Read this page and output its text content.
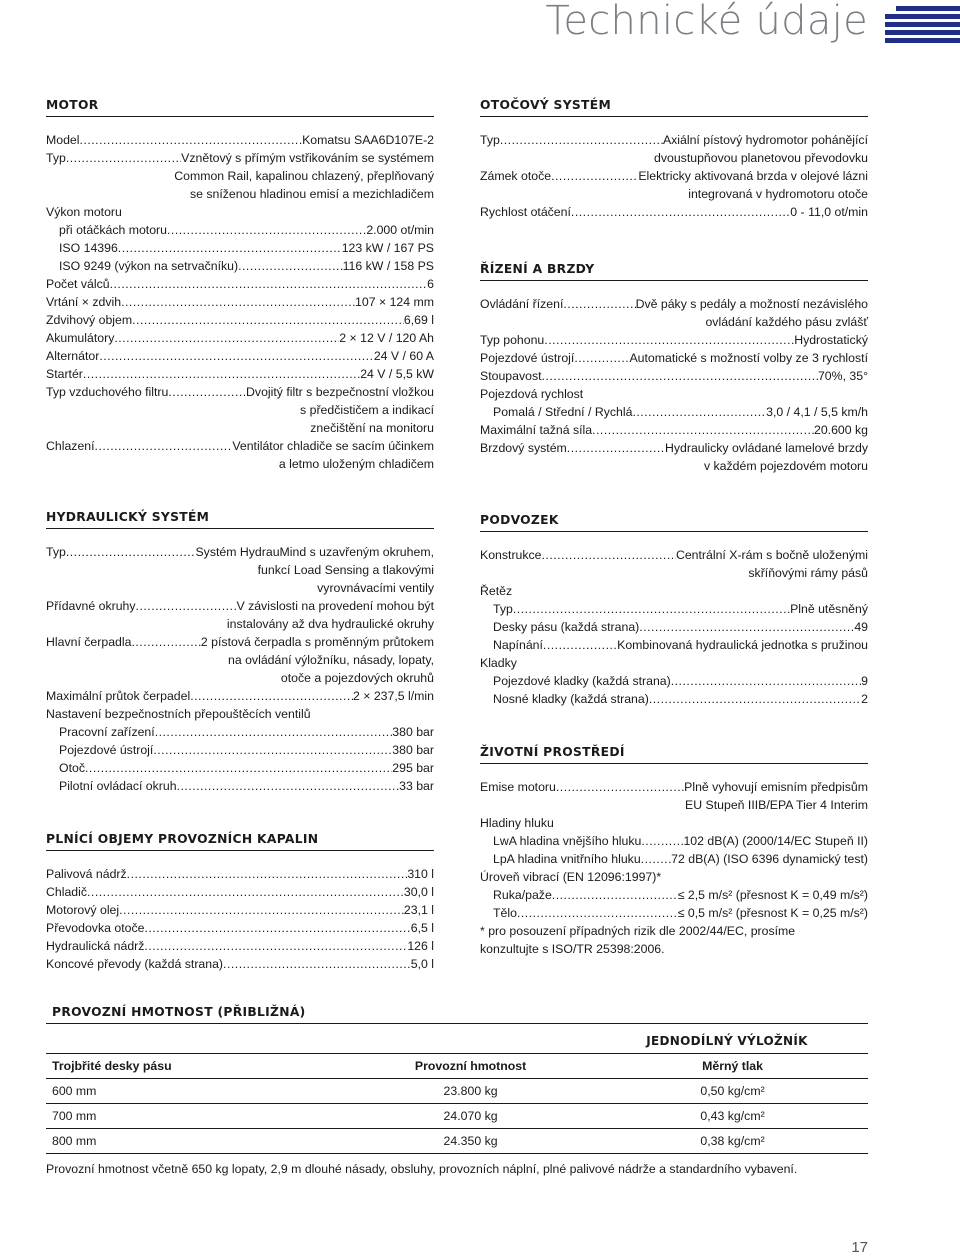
Technické údaje
MOTOR
Model .....	Komatsu SAA6D107E-2
Typ .....	Vznětový s přímým vstřikováním se systémem
Common Rail, kapalinou chlazený, přeplňovaný
se sníženou hladinou emisí a mezichladičem
Výkon motoru
při otáčkách motoru .....	2.000 ot/min
ISO 14396 .....	123 kW / 167 PS
ISO 9249 (výkon na setrvačníku) .....	116 kW / 158 PS
Počet válců .....	6
Vrtání × zdvih .....	107 × 124 mm
Zdvihový objem .....	6,69 l
Akumulátory .....	2 × 12 V / 120 Ah
Alternátor .....	24 V / 60 A
Startér .....	24 V / 5,5 kW
Typ vzduchového filtru .....	Dvojitý filtr s bezpečnostní vložkou
s předčističem a indikací
znečištění na monitoru
Chlazení .....	Ventilátor chladiče se sacím účinkem
a letmo uloženým chladičem
HYDRAULICKÝ SYSTÉM
Typ .....	Systém HydrauMind s uzavřeným okruhem,
funkcí Load Sensing a tlakovými
vyrovnávacími ventily
Přídavné okruhy .....	V závislosti na provedení mohou být
instalovány až dva hydraulické okruhy
Hlavní čerpadla .....	2 pístová čerpadla s proměnným průtokem
na ovládání výložníku, násady, lopaty,
otoče a pojezdových okruhů
Maximální průtok čerpadel .....	2 × 237,5 l/min
Nastavení bezpečnostních přepouštěcích ventilů
Pracovní zařízení .....	380 bar
Pojezdové ústrojí .....	380 bar
Otoč .....	295 bar
Pilotní ovládací okruh .....	33 bar
PLNÍCÍ OBJEMY PROVOZNÍCH KAPALIN
Palivová nádrž .....	310 l
Chladič .....	30,0 l
Motorový olej .....	23,1 l
Převodovka otoče .....	6,5 l
Hydraulická nádrž .....	126 l
Koncové převody (každá strana) .....	5,0 l
OTOČOVÝ SYSTÉM
Typ .....	Axiální pístový hydromotor pohánějící
dvoustupňovou planetovou převodovku
Zámek otoče .....	Elektricky aktivovaná brzda v olejové lázni
integrovaná v hydromotoru otoče
Rychlost otáčení .....	0 - 11,0 ot/min
ŘÍZENÍ A BRZDY
Ovládání řízení .....	Dvě páky s pedály a možností nezávislého
ovládání každého pásu zvlášť
Typ pohonu .....	Hydrostatický
Pojezdové ústrojí .....	Automatické s možností volby ze 3 rychlostí
Stoupavost .....	70%, 35°
Pojezdová rychlost
Pomalá / Střední / Rychlá .....	3,0 / 4,1 / 5,5 km/h
Maximální tažná síla .....	20.600 kg
Brzdový systém .....	Hydraulicky ovládané lamelové brzdy
v každém pojezdovém motoru
PODVOZEK
Konstrukce .....	Centrální X-rám s bočně uloženými
skříňovými rámy pásů
Řetěz
Typ .....	Plně utěsněný
Desky pásu (každá strana) .....	49
Napínání .....	Kombinovaná hydraulická jednotka s pružinou
Kladky
Pojezdové kladky (každá strana) .....	9
Nosné kladky (každá strana) .....	2
ŽIVOTNÍ PROSTŘEDÍ
Emise motoru .....	Plně vyhovují emisním předpisům
EU Stupeň IIIB/EPA Tier 4 Interim
Hladiny hluku
LwA hladina vnějšího hluku .....	102 dB(A) (2000/14/EC Stupeň II)
LpA hladina vnitřního hluku ..... 72 dB(A) (ISO 6396 dynamický test)
Úroveň vibrací (EN 12096:1997)*
Ruka/paže .....	≤ 2,5 m/s² (přesnost K = 0,49 m/s²)
Tělo .....	≤ 0,5 m/s² (přesnost K = 0,25 m/s²)
* pro posouzení případných rizik dle 2002/44/EC, prosíme
konzultujte s ISO/TR 25398:2006.
PROVOZNÍ HMOTNOST (PŘIBLIŽNÁ)
JEDNODÍLNÝ VÝLOŽNÍK
Trojbřité desky pásu	Provozní hmotnost	Měrný tlak
600 mm	23.800 kg	0,50 kg/cm²
700 mm	24.070 kg	0,43 kg/cm²
800 mm	24.350 kg	0,38 kg/cm²
Provozní hmotnost včetně 650 kg lopaty, 2,9 m dlouhé násady, obsluhy, provozních náplní, plné palivové nádrže a standardního vybavení.
17
